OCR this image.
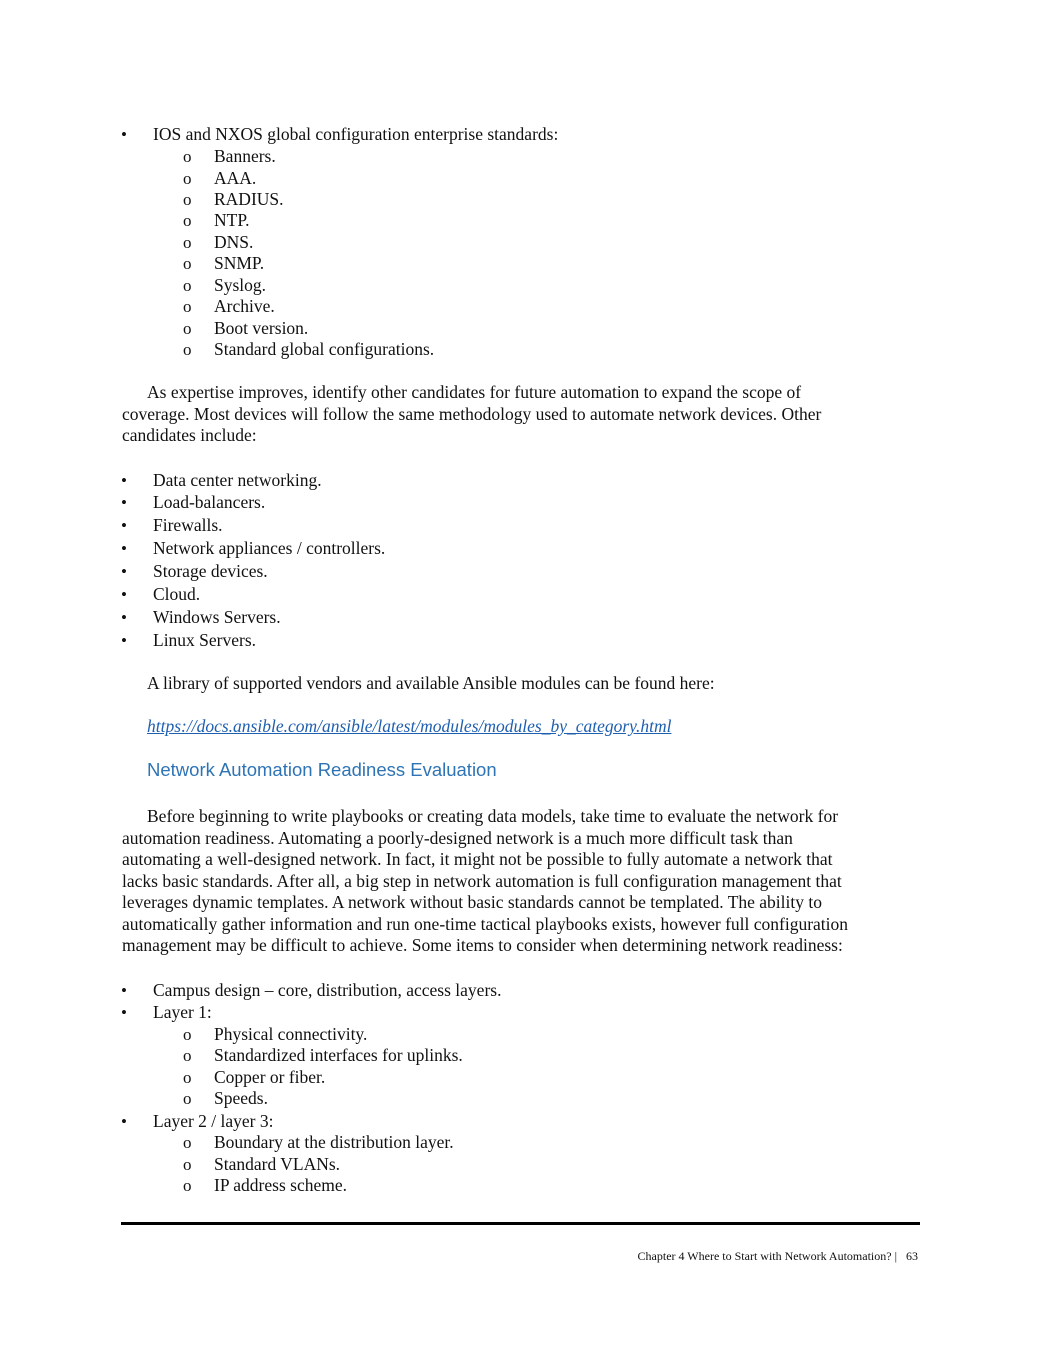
• IOS and NXOS global configuration enterprise standards:
o Banners.
o AAA.
o RADIUS.
o NTP.
o DNS.
o SNMP.
o Syslog.
o Archive.
o Boot version.
o Standard global configurations.
As expertise improves, identify other candidates for future automation to expand the scope of
coverage. Most devices will follow the same methodology used to automate network devices. Other
candidates include:
• Data center networking.
• Load-balancers.
• Firewalls.
• Network appliances / controllers.
• Storage devices.
• Cloud.
• Windows Servers.
• Linux Servers.
A library of supported vendors and available Ansible modules can be found here:
https://docs.ansible.com/ansible/latest/modules/modules_by_category.html
Network Automation Readiness Evaluation
Before beginning to write playbooks or creating data models, take time to evaluate the network for
automation readiness. Automating a poorly-designed network is a much more difficult task than
automating a well-designed network. In fact, it might not be possible to fully automate a network that
lacks basic standards. After all, a big step in network automation is full configuration management that
leverages dynamic templates. A network without basic standards cannot be templated. The ability to
automatically gather information and run one-time tactical playbooks exists, however full configuration
management may be difficult to achieve. Some items to consider when determining network readiness:
• Campus design – core, distribution, access layers.
• Layer 1:
o Physical connectivity.
o Standardized interfaces for uplinks.
o Copper or fiber.
o Speeds.
• Layer 2 / layer 3:
o Boundary at the distribution layer.
o Standard VLANs.
o IP address scheme.
Chapter 4 Where to Start with Network Automation? | 63
